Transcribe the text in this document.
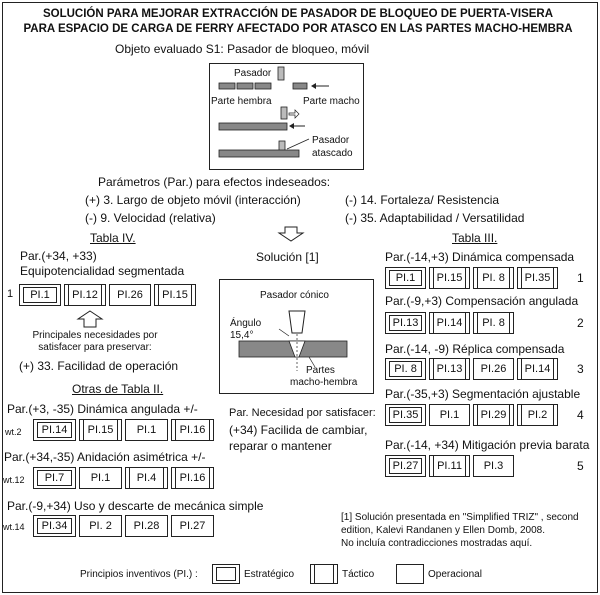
SOLUCIÓN PARA MEJORAR EXTRACCIÓN DE PASADOR DE BLOQUEO DE PUERTA-VISERA
PARA ESPACIO DE CARGA DE FERRY AFECTADO POR ATASCO EN LAS PARTES MACHO-HEMBRA
Objeto evaluado S1: Pasador de bloqueo, móvil
Pasador
Parte hembra	Parte macho
Pasador
atascado
Parámetros (Par.) para efectos indeseados:
(+) 3. Largo de objeto móvil (interacción)
(-) 9. Velocidad (relativa)
(-) 14. Fortaleza/ Resistencia
(-) 35. Adaptabilidad / Versatilidad
Tabla IV.
Par.(+34, +33)
Equipotencialidad segmentada
1 PI.1 PI.12 PI.26 PI.15
Principales necesidades por
satisfacer para preservar:
(+) 33. Facilidad de operación
Otras de Tabla II.
Par.(+3, -35) Dinámica angulada +/-
wt.2 PI.14 PI.15 PI.1 PI.16
Par.(+34,-35) Anidación asimétrica +/-
wt.12 PI.7 PI.1 PI.4 PI.16
Par.(-9,+34) Uso y descarte de mecánica simple
wt.14 PI.34 PI. 2 PI.28 PI.27
Solución [1]
Pasador cónico
Ángulo
15,4°
Partes
macho-hembra
Par. Necesidad por satisfacer:
(+34) Facilida de cambiar,
reparar o mantener
Tabla III.
Par.(-14,+3) Dinámica compensada
PI.1 PI.15 PI. 8 PI.35 1
Par.(-9,+3) Compensación angulada
PI.13 PI.14 PI. 8	2
Par.(-14, -9) Réplica compensada
PI. 8 PI.13 PI.26 PI.14 3
Par.(-35,+3) Segmentación ajustable
PI.35 PI.1 PI.29 PI.2 4
Par.(-14, +34) Mitigación previa barata
PI.27 PI.11 PI.3	5
[1] Solución presentada en "Simplified TRIZ" , second
edition, Kalevi Randanen y Ellen Domb, 2008.
No incluía contradicciones mostradas aquí.
Principios inventivos (PI.) :	Estratégico	Táctico	Operacional
